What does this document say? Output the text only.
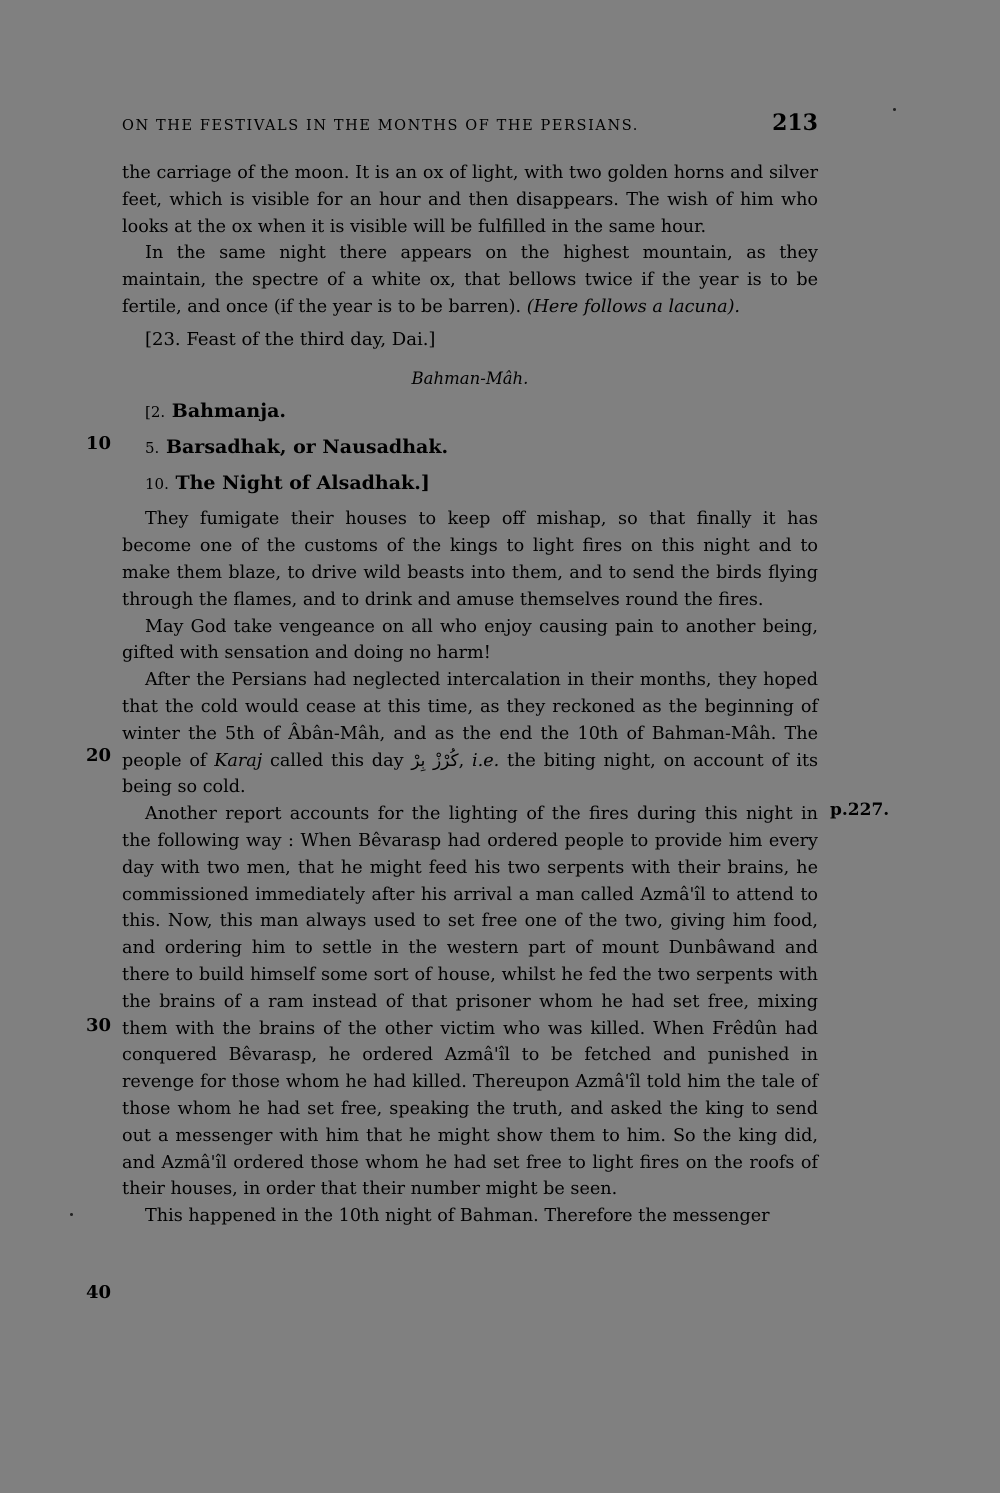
ON THE FESTIVALS IN THE MONTHS OF THE PERSIANS.	213
10
20
30
40
p.227.

the carriage of the moon. It is an ox of light, with two golden horns and silver feet, which is visible for an hour and then disappears. The wish of him who looks at the ox when it is visible will be fulfilled in the same hour.

In the same night there appears on the highest mountain, as they maintain, the spectre of a white ox, that bellows twice if the year is to be fertile, and once (if the year is to be barren). (Here follows a lacuna).

[23. Feast of the third day, Dai.]

Bahman-Mâh.

[2. Bahmanja.

5. Barsadhak, or Nausadhak.

10. The Night of Alsadhak.]

They fumigate their houses to keep off mishap, so that finally it has become one of the customs of the kings to light fires on this night and to make them blaze, to drive wild beasts into them, and to send the birds flying through the flames, and to drink and amuse themselves round the fires.

May God take vengeance on all who enjoy causing pain to another being, gifted with sensation and doing no harm!

After the Persians had neglected intercalation in their months, they hoped that the cold would cease at this time, as they reckoned as the beginning of winter the 5th of Âbân-Mâh, and as the end the 10th of Bahman-Mâh. The people of Karaj called this day كُرْزْ بِرْ, i.e. the biting night, on account of its being so cold.

Another report accounts for the lighting of the fires during this night in the following way : When Bêvarasp had ordered people to provide him every day with two men, that he might feed his two serpents with their brains, he commissioned immediately after his arrival a man called Azmâ'îl to attend to this. Now, this man always used to set free one of the two, giving him food, and ordering him to settle in the western part of mount Dunbâwand and there to build himself some sort of house, whilst he fed the two serpents with the brains of a ram instead of that prisoner whom he had set free, mixing them with the brains of the other victim who was killed. When Frêdûn had conquered Bêvarasp, he ordered Azmâ'îl to be fetched and punished in revenge for those whom he had killed. Thereupon Azmâ'îl told him the tale of those whom he had set free, speaking the truth, and asked the king to send out a messenger with him that he might show them to him. So the king did, and Azmâ'îl ordered those whom he had set free to light fires on the roofs of their houses, in order that their number might be seen.

This happened in the 10th night of Bahman. Therefore the messenger
